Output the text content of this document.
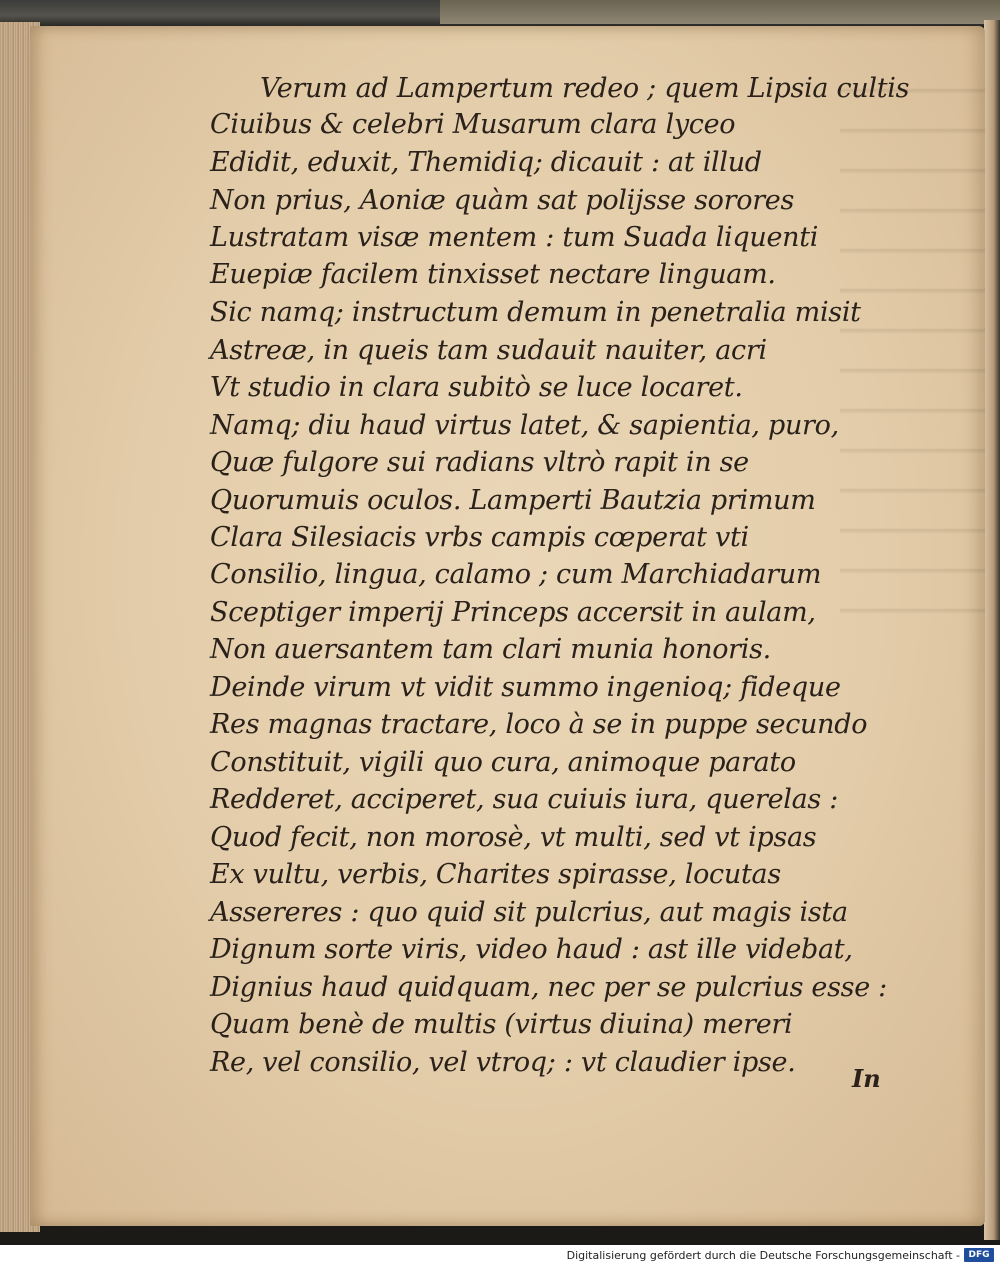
Verum ad Lampertum redeo ; quem Lipsia cultis
Ciuibus & celebri Musarum clara lyceo
Edidit, eduxit, Themidiq; dicauit : at illud
Non prius, Aoniæ quàm sat polijsse sorores
Lustratam visæ mentem : tum Suada liquenti
Euepiæ facilem tinxisset nectare linguam.
Sic namq; instructum demum in penetralia misit
Astreæ, in queis tam sudauit nauiter, acri
Vt studio in clara subitò se luce locaret.
Namq; diu haud virtus latet, & sapientia, puro,
Quæ fulgore sui radians vltrò rapit in se
Quorumuis oculos. Lamperti Bautzia primum
Clara Silesiacis vrbs campis cœperat vti
Consilio, lingua, calamo ; cum Marchiadarum
Sceptiger imperij Princeps accersit in aulam,
Non auersantem tam clari munia honoris.
Deinde virum vt vidit summo ingenioq; fideque
Res magnas tractare, loco à se in puppe secundo
Constituit, vigili quo cura, animoque parato
Redderet, acciperet, sua cuiuis iura, querelas :
Quod fecit, non morosè, vt multi, sed vt ipsas
Ex vultu, verbis, Charites spirasse, locutas
Assereres : quo quid sit pulcrius, aut magis ista
Dignum sorte viris, video haud : ast ille videbat,
Dignius haud quidquam, nec per se pulcrius esse :
Quam benè de multis (virtus diuina) mereri
Re, vel consilio, vel vtroq; : vt claudier ipse.
In
Digitalisierung gefördert durch die Deutsche Forschungsgemeinschaft - DFG
